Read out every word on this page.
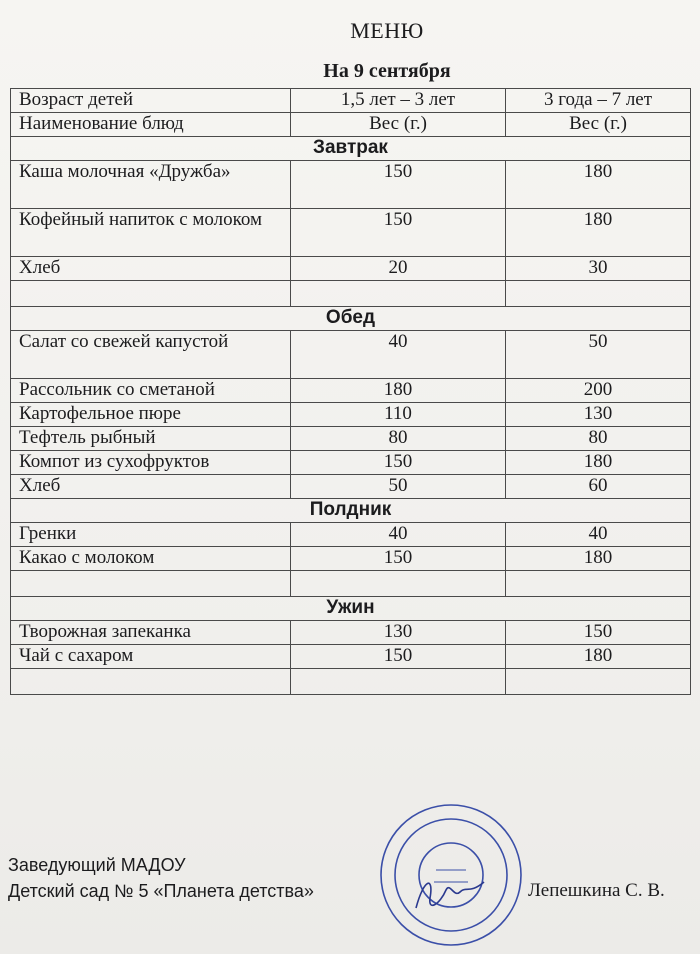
МЕНЮ
На 9 сентября
Возраст детей	1,5 лет – 3 лет	3 года – 7 лет
Наименование блюд	Вес (г.)	Вес (г.)
Завтрак		
Каша молочная «Дружба»	150	180
Кофейный напиток с молоком	150	180
Хлеб	20	30

Обед		
Салат со свежей капустой	40	50
Рассольник со сметаной	180	200
Картофельное пюре	110	130
Тефтель рыбный	80	80
Компот из сухофруктов	150	180
Хлеб	50	60
Полдник		
Гренки	40	40
Какао с молоком	150	180

Ужин		
Творожная запеканка	130	150
Чай с сахаром	150	180

Заведующий МАДОУ
Детский сад № 5 «Планета детства»	Лепешкина С. В.
